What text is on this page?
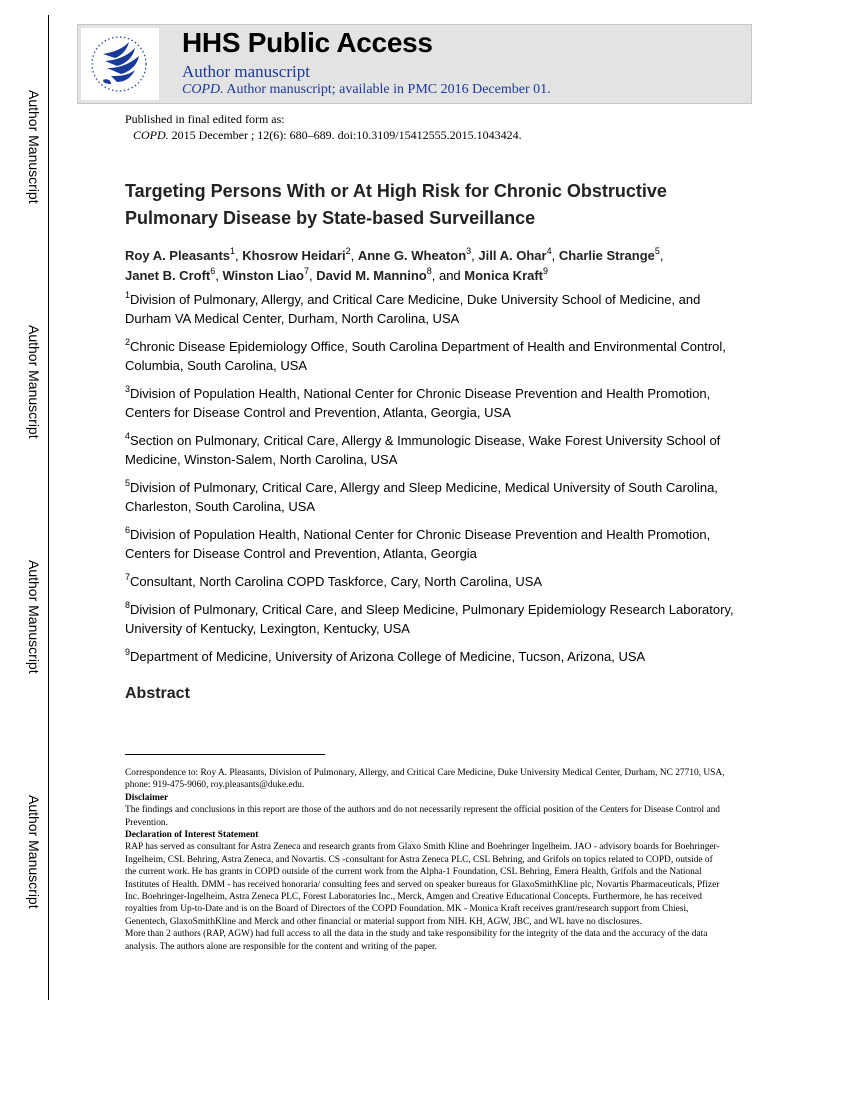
Author Manuscript
Author Manuscript
Author Manuscript
Author Manuscript
HHS Public Access
Author manuscript
COPD. Author manuscript; available in PMC 2016 December 01.
Published in final edited form as:
COPD. 2015 December ; 12(6): 680–689. doi:10.3109/15412555.2015.1043424.
Targeting Persons With or At High Risk for Chronic Obstructive Pulmonary Disease by State-based Surveillance
Roy A. Pleasants$^1$, Khosrow Heidari$^2$, Anne G. Wheaton$^3$, Jill A. Ohar$^4$, Charlie Strange$^5$,
Janet B. Croft$^6$, Winston Liao$^7$, David M. Mannino$^8$, and Monica Kraft$^9$
$^1$Division of Pulmonary, Allergy, and Critical Care Medicine, Duke University School of Medicine, and Durham VA Medical Center, Durham, North Carolina, USA
$^2$Chronic Disease Epidemiology Office, South Carolina Department of Health and Environmental Control, Columbia, South Carolina, USA
$^3$Division of Population Health, National Center for Chronic Disease Prevention and Health Promotion, Centers for Disease Control and Prevention, Atlanta, Georgia, USA
$^4$Section on Pulmonary, Critical Care, Allergy & Immunologic Disease, Wake Forest University School of Medicine, Winston-Salem, North Carolina, USA
$^5$Division of Pulmonary, Critical Care, Allergy and Sleep Medicine, Medical University of South Carolina, Charleston, South Carolina, USA
$^6$Division of Population Health, National Center for Chronic Disease Prevention and Health Promotion, Centers for Disease Control and Prevention, Atlanta, Georgia
$^7$Consultant, North Carolina COPD Taskforce, Cary, North Carolina, USA
$^8$Division of Pulmonary, Critical Care, and Sleep Medicine, Pulmonary Epidemiology Research Laboratory, University of Kentucky, Lexington, Kentucky, USA
$^9$Department of Medicine, University of Arizona College of Medicine, Tucson, Arizona, USA
Abstract
Correspondence to: Roy A. Pleasants, Division of Pulmonary, Allergy, and Critical Care Medicine, Duke University Medical Center, Durham, NC 27710, USA, phone: 919-475-9060, roy.pleasants@duke.edu.
Disclaimer
The findings and conclusions in this report are those of the authors and do not necessarily represent the official position of the Centers for Disease Control and Prevention.
Declaration of Interest Statement
RAP has served as consultant for Astra Zeneca and research grants from Glaxo Smith Kline and Boehringer Ingelheim. JAO - advisory boards for Boehringer-Ingelheim, CSL Behring, Astra Zeneca, and Novartis. CS -consultant for Astra Zeneca PLC, CSL Behring, and Grifols on topics related to COPD, outside of the current work. He has grants in COPD outside of the current work from the Alpha-1 Foundation, CSL Behring, Emera Health, Grifols and the National Institutes of Health. DMM - has received honoraria/ consulting fees and served on speaker bureaus for GlaxoSmithKline plc, Novartis Pharmaceuticals, Pfizer Inc. Boehringer-Ingelheim, Astra Zeneca PLC, Forest Laboratories Inc., Merck, Amgen and Creative Educational Concepts. Furthermore, he has received royalties from Up-to-Date and is on the Board of Directors of the COPD Foundation. MK - Monica Kraft receives grant/research support from Chiesi, Genentech, GlaxoSmithKline and Merck and other financial or material support from NIH. KH, AGW, JBC, and WL have no disclosures.
More than 2 authors (RAP, AGW) had full access to all the data in the study and take responsibility for the integrity of the data and the accuracy of the data analysis. The authors alone are responsible for the content and writing of the paper.
